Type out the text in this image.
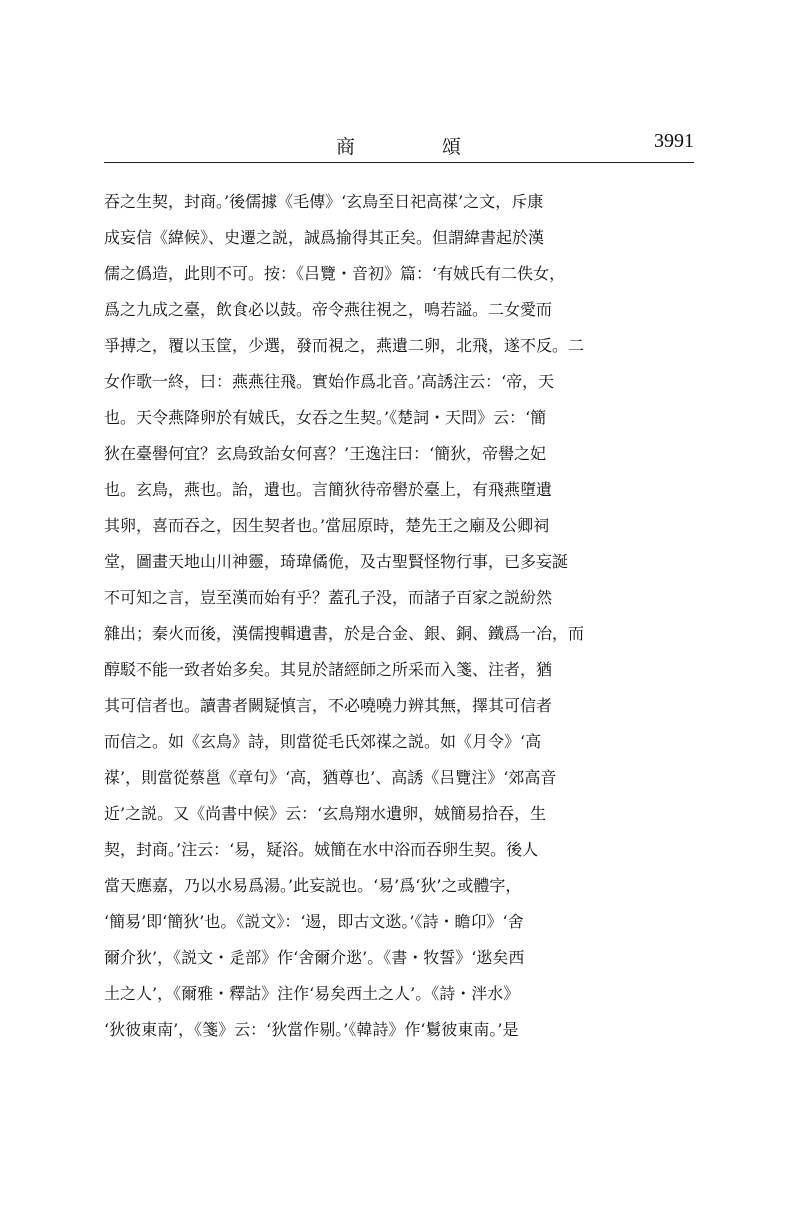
商　頌	3991
吞之生契，封商。’後儒據《毛傳》‘玄鳥至日祀高禖’之文，斥康
成妄信《緯候》、史遷之説，誠爲揄得其正矣。但謂緯書起於漢
儒之僞造，此則不可。按：《吕覽・音初》篇：‘有娀氏有二佚女，
爲之九成之臺，飲食必以鼓。帝令燕往視之，鳴若謚。二女愛而
爭搏之，覆以玉筐，少選，發而視之，燕遺二卵，北飛，遂不反。二
女作歌一終，曰：燕燕往飛。實始作爲北音。’高誘注云：‘帝，天
也。天令燕降卵於有娀氏，女吞之生契。’《楚詞・天問》云：‘簡
狄在臺嚳何宜？玄鳥致詒女何喜？’王逸注曰：‘簡狄，帝嚳之妃
也。玄鳥，燕也。詒，遺也。言簡狄待帝嚳於臺上，有飛燕墮遺
其卵，喜而吞之，因生契者也。’當屈原時，楚先王之廟及公卿祠
堂，圖畫天地山川神靈，琦瑋僪佹，及古聖賢怪物行事，已多妄誕
不可知之言，豈至漢而始有乎？蓋孔子没，而諸子百家之説紛然
雜出；秦火而後，漢儒搜輯遺書，於是合金、銀、銅、鐵爲一冶，而
醇駁不能一致者始多矣。其見於諸經師之所采而入箋、注者，猶
其可信者也。讀書者闕疑慎言，不必嘵嘵力辨其無，擇其可信者
而信之。如《玄鳥》詩，則當從毛氏郊禖之説。如《月令》‘高
禖’，則當從蔡邕《章句》‘高，猶尊也’、高誘《吕覽注》‘郊高音
近’之説。又《尚書中候》云：‘玄鳥翔水遺卵，娀簡易拾吞，生
契，封商。’注云：‘易，疑浴。娀簡在水中浴而吞卵生契。後人
當天應嘉，乃以水易爲湯。’此妄説也。‘易’爲‘狄’之或體字，
‘簡易’即‘簡狄’也。《説文》：‘逷，即古文逖。’《詩・瞻卬》‘舍
爾介狄’，《説文・辵部》作‘舍爾介逖’。《書・牧誓》‘逖矣西
土之人’，《爾雅・釋詁》注作‘易矣西土之人’。《詩・泮水》
‘狄彼東南’，《箋》云：‘狄當作剔。’《韓詩》作‘鬄彼東南。’是
